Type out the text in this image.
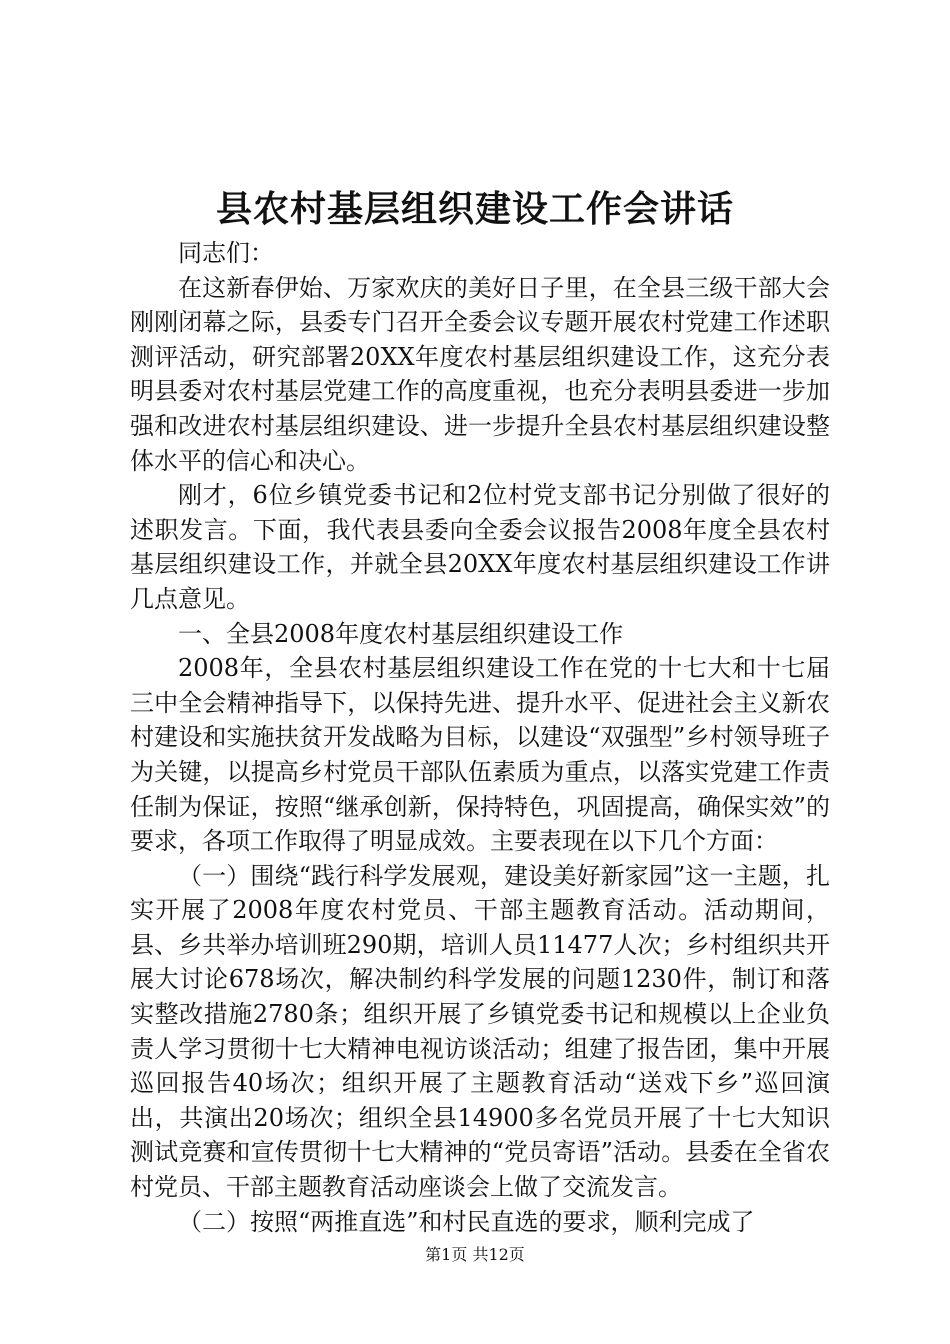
县农村基层组织建设工作会讲话

同志们：

在这新春伊始、万家欢庆的美好日子里，在全县三级干部大会刚刚闭幕之际，县委专门召开全委会议专题开展农村党建工作述职测评活动，研究部署20XX年度农村基层组织建设工作，这充分表明县委对农村基层党建工作的高度重视，也充分表明县委进一步加强和改进农村基层组织建设、进一步提升全县农村基层组织建设整体水平的信心和决心。

刚才，6位乡镇党委书记和2位村党支部书记分别做了很好的述职发言。下面，我代表县委向全委会议报告2008年度全县农村基层组织建设工作，并就全县20XX年度农村基层组织建设工作讲几点意见。

一、全县2008年度农村基层组织建设工作

2008年，全县农村基层组织建设工作在党的十七大和十七届三中全会精神指导下，以保持先进、提升水平、促进社会主义新农村建设和实施扶贫开发战略为目标，以建设“双强型”乡村领导班子为关键，以提高乡村党员干部队伍素质为重点，以落实党建工作责任制为保证，按照“继承创新，保持特色，巩固提高，确保实效”的要求，各项工作取得了明显成效。主要表现在以下几个方面：

（一）围绕“践行科学发展观，建设美好新家园”这一主题，扎实开展了2008年度农村党员、干部主题教育活动。活动期间，县、乡共举办培训班290期，培训人员11477人次；乡村组织共开展大讨论678场次，解决制约科学发展的问题1230件，制订和落实整改措施2780条；组织开展了乡镇党委书记和规模以上企业负责人学习贯彻十七大精神电视访谈活动；组建了报告团，集中开展巡回报告40场次；组织开展了主题教育活动“送戏下乡”巡回演出，共演出20场次；组织全县14900多名党员开展了十七大知识测试竞赛和宣传贯彻十七大精神的“党员寄语”活动。县委在全省农村党员、干部主题教育活动座谈会上做了交流发言。

（二）按照“两推直选”和村民直选的要求，顺利完成了

第1页 共12页
